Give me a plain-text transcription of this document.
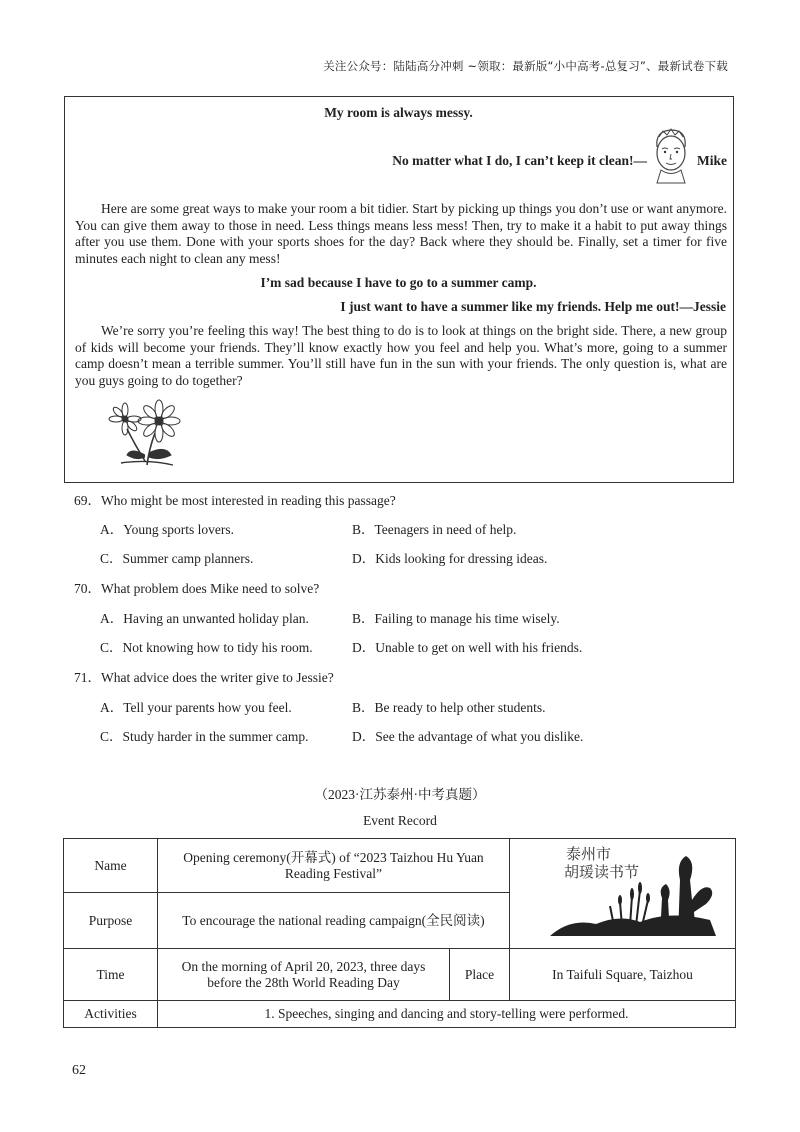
关注公众号：陆陆高分冲刺 ~领取：最新版“小中高考-总复习”、最新试卷下载
My room is always messy.
No matter what I do, I can’t keep it clean!—	Mike

Here are some great ways to make your room a bit tidier. Start by picking up things you don’t use or want anymore. You can give them away to those in need. Less things means less mess! Then, try to make it a habit to put away things after you use them. Done with your sports shoes for the day? Back where they should be. Finally, set a timer for five minutes each night to clean any mess!

I’m sad because I have to go to a summer camp.
I just want to have a summer like my friends. Help me out!—Jessie

We’re sorry you’re feeling this way! The best thing to do is to look at things on the bright side. There, a new group of kids will become your friends. They’ll know exactly how you feel and help you. What’s more, going to a summer camp doesn’t mean a terrible summer. You’ll still have fun in the sun with your friends. The only question is, what are you guys going to do together?

69．Who might be most interested in reading this passage?
A．Young sports lovers.	B．Teenagers in need of help.
C．Summer camp planners.	D．Kids looking for dressing ideas.
70．What problem does Mike need to solve?
A．Having an unwanted holiday plan.	B．Failing to manage his time wisely.
C．Not knowing how to tidy his room.	D．Unable to get on well with his friends.
71．What advice does the writer give to Jessie?
A．Tell your parents how you feel.	B．Be ready to help other students.
C．Study harder in the summer camp.	D．See the advantage of what you dislike.
（2023·江苏泰州·中考真题）
Event Record
Name	Opening ceremony(开幕式) of “2023 Taizhou Hu Yuan Reading Festival”		泰州市
胡瑗读书节

Purpose	To encourage the national reading campaign(全民阅读)		
Time	On the morning of April 20, 2023, three days before the 28th World Reading Day	Place	In Taifuli Square, Taizhou
Activities	1. Speeches, singing and dancing and story-telling were performed.		
62
